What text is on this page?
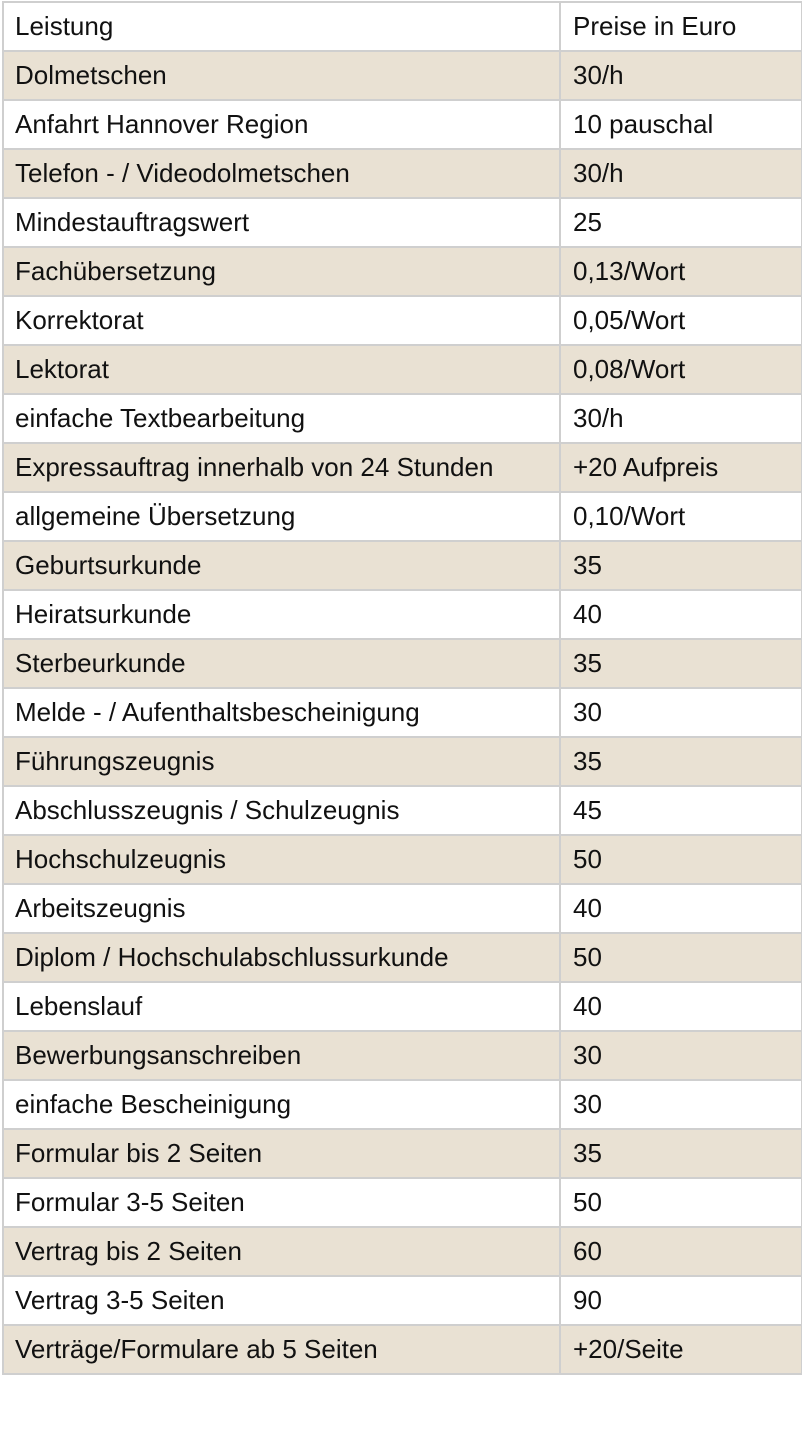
Leistung	Preise in Euro
Dolmetschen	30/h
Anfahrt Hannover Region	10 pauschal
Telefon - / Videodolmetschen	30/h
Mindestauftragswert	25
Fachübersetzung	0,13/Wort
Korrektorat	0,05/Wort
Lektorat	0,08/Wort
einfache Textbearbeitung	30/h
Expressauftrag innerhalb von 24 Stunden	+20 Aufpreis
allgemeine Übersetzung	0,10/Wort
Geburtsurkunde	35
Heiratsurkunde	40
Sterbeurkunde	35
Melde - / Aufenthaltsbescheinigung	30
Führungszeugnis	35
Abschlusszeugnis / Schulzeugnis	45
Hochschulzeugnis	50
Arbeitszeugnis	40
Diplom / Hochschulabschlussurkunde	50
Lebenslauf	40
Bewerbungsanschreiben	30
einfache Bescheinigung	30
Formular bis 2 Seiten	35
Formular 3-5 Seiten	50
Vertrag bis 2 Seiten	60
Vertrag 3-5 Seiten	90
Verträge/Formulare ab 5 Seiten	+20/Seite
